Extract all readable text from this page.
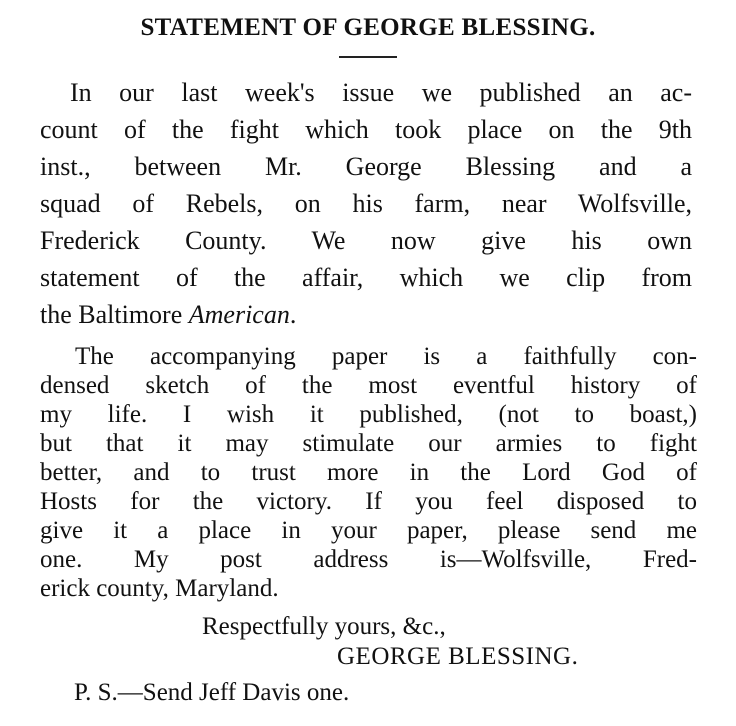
STATEMENT OF GEORGE BLESSING.
In our last week's issue we published an ac-
count of the fight which took place on the 9th
inst., between Mr. George Blessing and a
squad of Rebels, on his farm, near Wolfsville,
Frederick County. We now give his own
statement of the affair, which we clip from
the Baltimore American.
The accompanying paper is a faithfully con-
densed sketch of the most eventful history of
my life. I wish it published, (not to boast,)
but that it may stimulate our armies to fight
better, and to trust more in the Lord God of
Hosts for the victory. If you feel disposed to
give it a place in your paper, please send me
one. My post address is—Wolfsville, Fred-
erick county, Maryland.
Respectfully yours, &c.,
GEORGE BLESSING.
P. S.—Send Jeff Davis one.
